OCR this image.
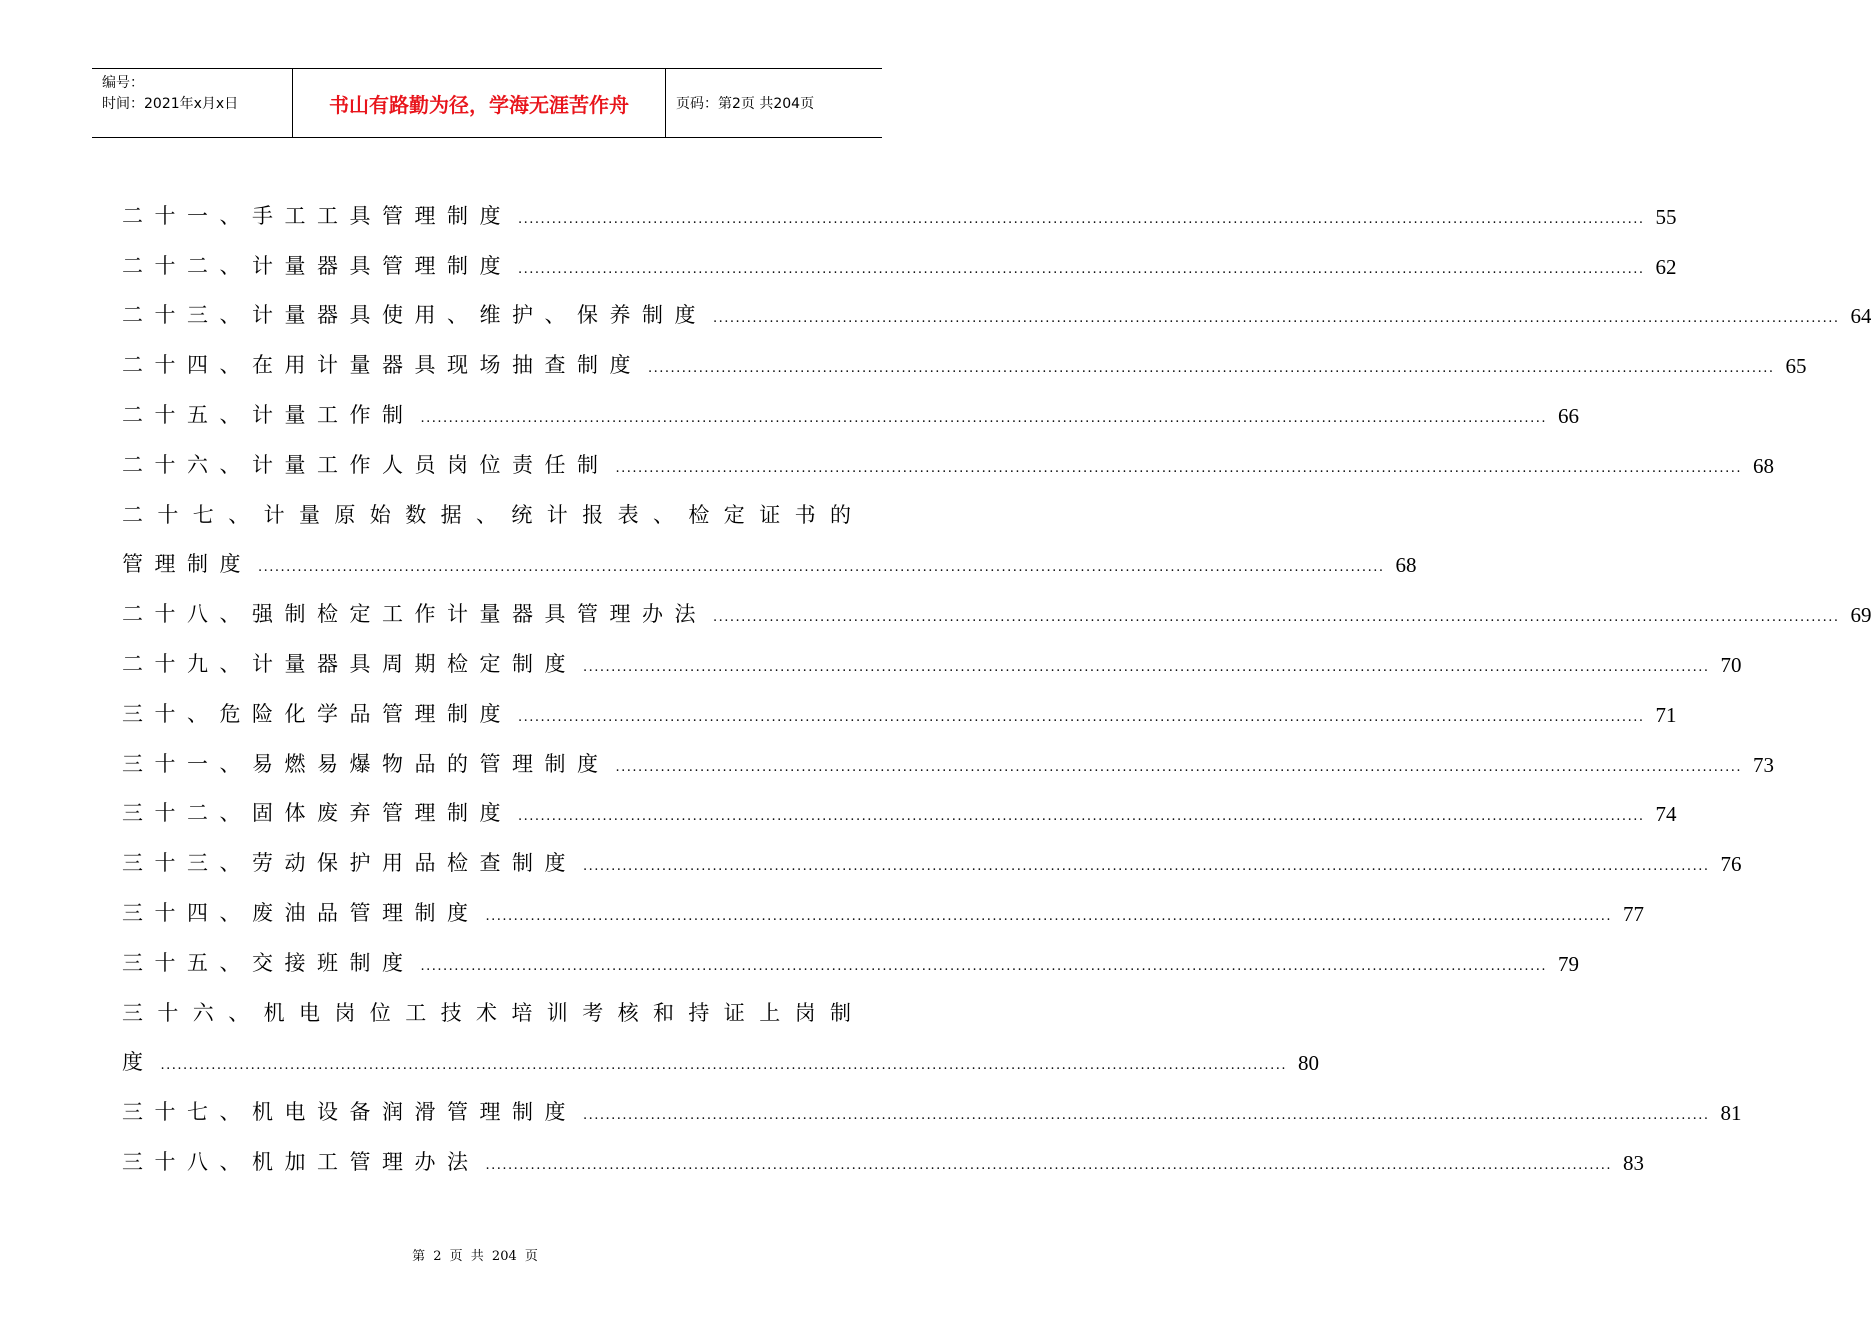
编号：
时间：2021年x月x日	书山有路勤为径，学海无涯苦作舟	页码：第2页 共204页
二十一、手工工具管理制度 ........................................................................................................................................................................................................ 55
二十二、计量器具管理制度 ........................................................................................................................................................................................................ 62
二十三、计量器具使用、维护、保养制度 ........................................................................................................................................................................................................ 64
二十四、在用计量器具现场抽查制度 ........................................................................................................................................................................................................ 65
二十五、计量工作制 ........................................................................................................................................................................................................ 66
二十六、计量工作人员岗位责任制 ........................................................................................................................................................................................................ 68
二十七、计量原始数据、统计报表、检定证书的
管理制度 ........................................................................................................................................................................................................ 68
二十八、强制检定工作计量器具管理办法 ........................................................................................................................................................................................................ 69
二十九、计量器具周期检定制度 ........................................................................................................................................................................................................ 70
三十、危险化学品管理制度 ........................................................................................................................................................................................................ 71
三十一、易燃易爆物品的管理制度 ........................................................................................................................................................................................................ 73
三十二、固体废弃管理制度 ........................................................................................................................................................................................................ 74
三十三、劳动保护用品检查制度 ........................................................................................................................................................................................................ 76
三十四、废油品管理制度 ........................................................................................................................................................................................................ 77
三十五、交接班制度 ........................................................................................................................................................................................................ 79
三十六、机电岗位工技术培训考核和持证上岗制
度 ........................................................................................................................................................................................................ 80
三十七、机电设备润滑管理制度 ........................................................................................................................................................................................................ 81
三十八、机加工管理办法 ........................................................................................................................................................................................................ 83
第 2 页 共 204 页
